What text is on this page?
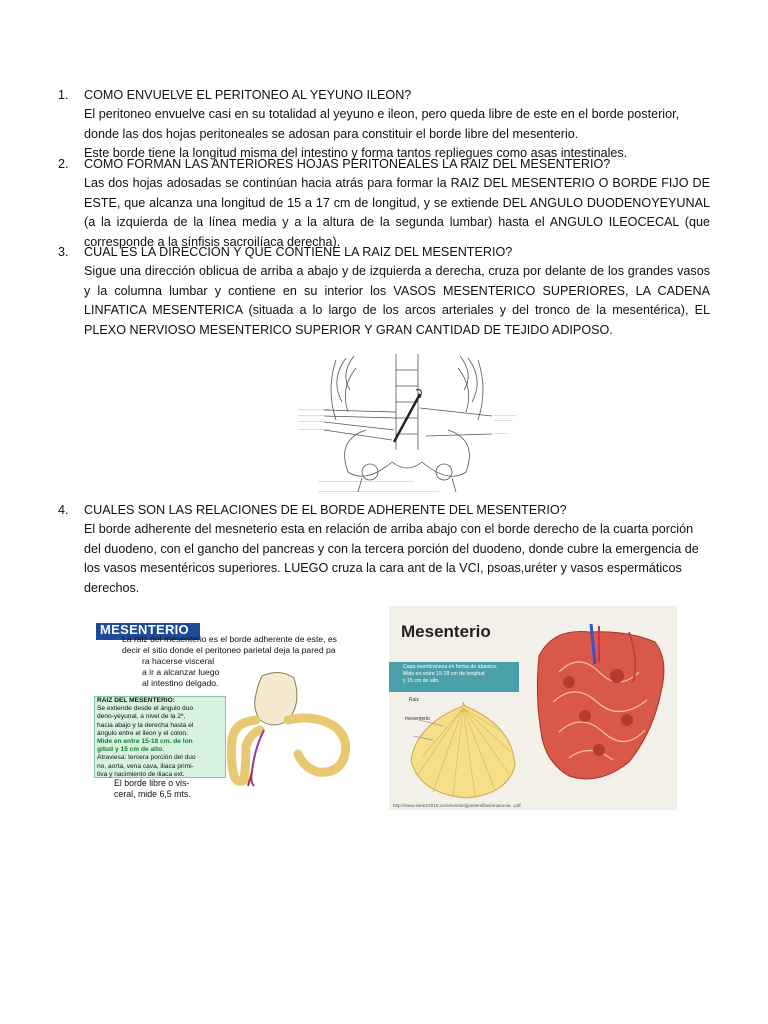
1.	COMO ENVUELVE EL PERITONEO AL YEYUNO ILEON?

El peritoneo envuelve casi en su totalidad al yeyuno e ileon, pero queda libre de este en el borde posterior, donde las dos hojas peritoneales se adosan para constituir el borde libre del mesenterio.

Este borde tiene la longitud misma del intestino y forma tantos repliegues como asas intestinales.

2.	COMO FORMAN LAS ANTERIORES HOJAS PERITONEALES LA RAIZ DEL MESENTERIO?

Las dos hojas adosadas se continúan hacia atrás para formar la RAIZ DEL MESENTERIO O BORDE FIJO DE ESTE, que alcanza una longitud de 15 a 17 cm de longitud, y se extiende DEL ANGULO DUODENOYEYUNAL (a la izquierda de la línea media y a la altura de la segunda lumbar) hasta el ANGULO ILEOCECAL (que corresponde a la sínfisis sacroilíaca derecha).

3.	CUAL ES LA DIRECCION Y QUE CONTIENE LA RAIZ DEL MESENTERIO?

Sigue una dirección oblicua de arriba a abajo y de izquierda a derecha, cruza por delante de los grandes vasos y la columna lumbar y contiene en su interior los VASOS MESENTERICO SUPERIORES, LA CADENA LINFATICA MESENTERICA (situada a lo largo de los arcos arteriales y del tronco de la mesentérica), EL PLEXO NERVIOSO MESENTERICO SUPERIOR Y GRAN CANTIDAD DE TEJIDO ADIPOSO.

——————————
————————
————————
——————————
———————
——————
————
——————————————————————————————
——————————————————————————————————————
4.	CUALES SON LAS RELACIONES DE EL BORDE ADHERENTE DEL MESENTERIO?

El borde adherente del mesneterio esta en relación de arriba abajo con el borde derecho de la cuarta porción del duodeno, con el gancho del pancreas y con la tercera porción del duodeno, donde cubre la emergencia de los vasos mesentéricos superiores. LUEGO cruza la cara ant de la VCI, psoas,uréter y vasos espermáticos derechos.

MESENTERIO
La raiz del mesenterio es el borde adherente de este, es
decir el sitio donde el peritoneo parietal deja la pared pa
ra hacerse visceral
a ir a alcanzar luego
al intestino delgado.
RAIZ DEL MESENTERIO:
Se extiende desde el ángulo duo
deno-yeyunal, a nivel de la 2ª,
hacia abajo y la derecha hasta el
ángulo entre el ileon y el colon.
Mide en entre 15-18 cm. de lon
gitud y 15 cm de alto.
Atraviesa: tercera porción del duo
no, aorta, vena cava, iliaca primi-
tiva y nacimiento de iliaca ext.
El borde libre o vis-
ceral, mide 6,5 mts.
Mesenterio
Capa membranosa en forma de abanico.
Mide en entre 15-18 cm de longitud
y 15 cm de alto.
Raiz
mesenterio
http://www.saram2010.com/medule/jpostersfilas/anatomia...pdf
